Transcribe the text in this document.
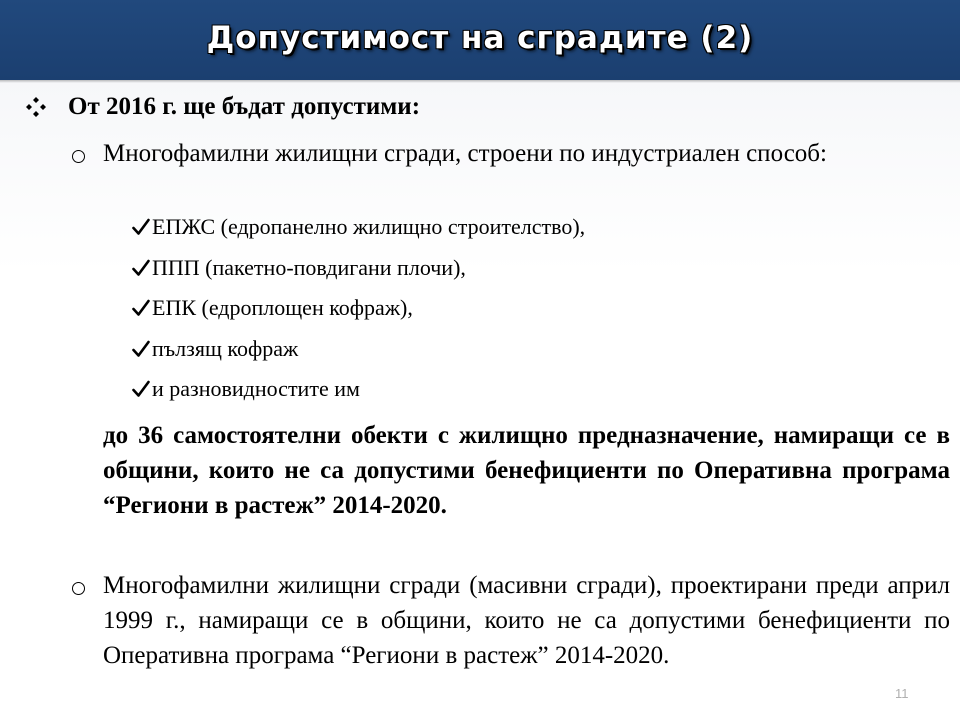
Допустимост на сградите (2)
От 2016 г. ще бъдат допустими:
Многофамилни жилищни сгради, строени по индустриален способ:
ЕПЖС (едропанелно жилищно строителство),
ППП (пакетно-повдигани плочи),
ЕПК (едроплощен кофраж),
пълзящ кофраж
и разновидностите им
до 36 самостоятелни обекти с жилищно предназначение, намиращи се в общини, които не са допустими бенефициенти по Оперативна програма “Региони в растеж” 2014-2020.
Многофамилни жилищни сгради (масивни сгради), проектирани преди април 1999 г., намиращи се в общини, които не са допустими бенефициенти по Оперативна програма “Региони в растеж” 2014-2020.
11
